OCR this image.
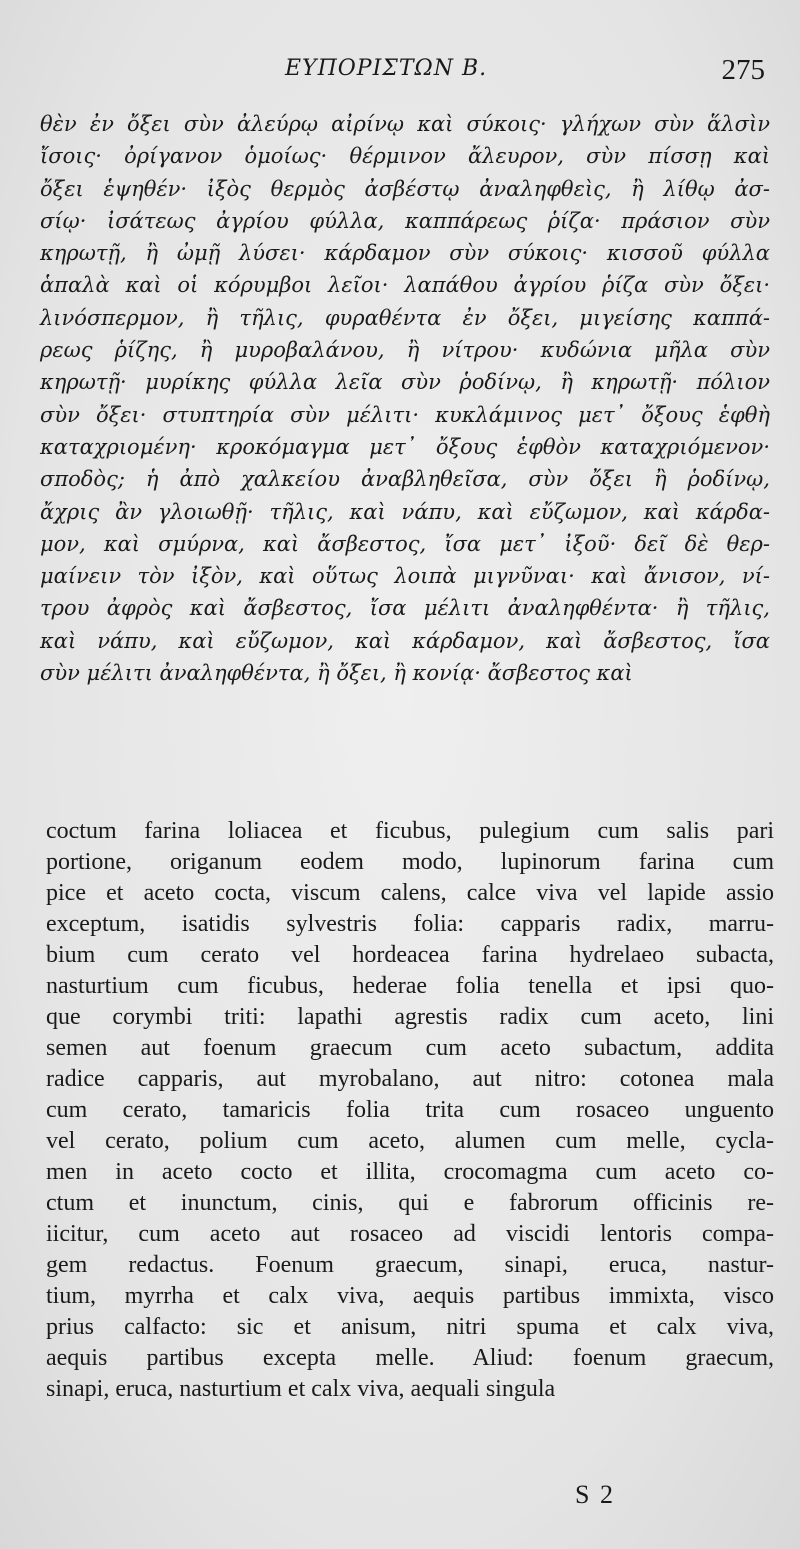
ΕΥΠΟΡΙΣΤΩΝ Β.	275
θὲν ἐν ὄξει σὺν ἀλεύρῳ αἰρίνῳ καὶ σύκοις· γλήχων σὺν ἅλσὶν
ἴσοις· ὀρίγανον ὁμοίως· θέρμινον ἄλευρον, σὺν πίσσῃ καὶ
ὄξει ἑψηθέν· ἰξὸς θερμὸς ἀσβέστῳ ἀναληφθεὶς, ἢ λίθῳ ἀσ-
σίῳ· ἰσάτεως ἀγρίου φύλλα, καππάρεως ῥίζα· πράσιον σὺν
κηρωτῇ, ἢ ὠμῇ λύσει· κάρδαμον σὺν σύκοις· κισσοῦ φύλλα
ἁπαλὰ καὶ οἱ κόρυμβοι λεῖοι· λαπάθου ἀγρίου ῥίζα σὺν ὄξει·
λινόσπερμον, ἢ τῆλις, φυραθέντα ἐν ὄξει, μιγείσης καππά-
ρεως ῥίζης, ἢ μυροβαλάνου, ἢ νίτρου· κυδώνια μῆλα σὺν
κηρωτῇ· μυρίκης φύλλα λεῖα σὺν ῥοδίνῳ, ἢ κηρωτῇ· πόλιον
σὺν ὄξει· στυπτηρία σὺν μέλιτι· κυκλάμινος μετ᾽ ὄξους ἑφθὴ
καταχριομένη· κροκόμαγμα μετ᾽ ὄξους ἑφθὸν καταχριόμενον·
σποδὸς; ἡ ἀπὸ χαλκείου ἀναβληθεῖσα, σὺν ὄξει ἢ ῥοδίνῳ,
ἄχρις ἂν γλοιωθῇ· τῆλις, καὶ νάπυ, καὶ εὔζωμον, καὶ κάρδα-
μον, καὶ σμύρνα, καὶ ἄσβεστος, ἴσα μετ᾽ ἰξοῦ· δεῖ δὲ θερ-
μαίνειν τὸν ἰξὸν, καὶ οὕτως λοιπὰ μιγνῦναι· καὶ ἄνισον, νί-
τρου ἀφρὸς καὶ ἄσβεστος, ἴσα μέλιτι ἀναληφθέντα· ἢ τῆλις,
καὶ νάπυ, καὶ εὔζωμον, καὶ κάρδαμον, καὶ ἄσβεστος, ἴσα
σὺν μέλιτι ἀναληφθέντα, ἢ ὄξει, ἢ κονίᾳ· ἄσβεστος καὶ
coctum farina loliacea et ficubus, pulegium cum salis pari
portione, origanum eodem modo, lupinorum farina cum
pice et aceto cocta, viscum calens, calce viva vel lapide assio
exceptum, isatidis sylvestris folia: capparis radix, marru-
bium cum cerato vel hordeacea farina hydrelaeo subacta,
nasturtium cum ficubus, hederae folia tenella et ipsi quo-
que corymbi triti: lapathi agrestis radix cum aceto, lini
semen aut foenum graecum cum aceto subactum, addita
radice capparis, aut myrobalano, aut nitro: cotonea mala
cum cerato, tamaricis folia trita cum rosaceo unguento
vel cerato, polium cum aceto, alumen cum melle, cycla-
men in aceto cocto et illita, crocomagma cum aceto co-
ctum et inunctum, cinis, qui e fabrorum officinis re-
iicitur, cum aceto aut rosaceo ad viscidi lentoris compa-
gem redactus. Foenum graecum, sinapi, eruca, nastur-
tium, myrrha et calx viva, aequis partibus immixta, visco
prius calfacto: sic et anisum, nitri spuma et calx viva,
aequis partibus excepta melle. Aliud: foenum graecum,
sinapi, eruca, nasturtium et calx viva, aequali singula
S 2
